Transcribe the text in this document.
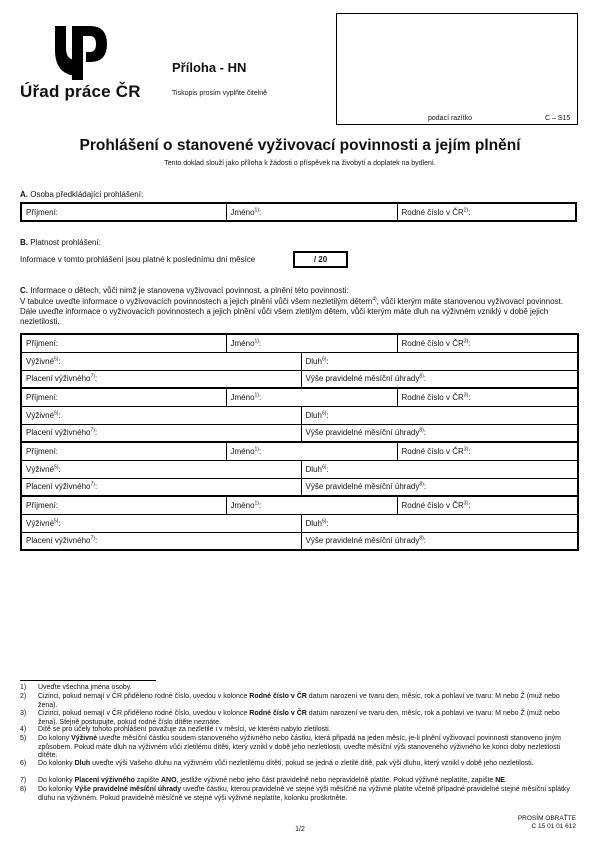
Úřad práce ČR
Příloha - HN
Tiskopis prosím vyplňte čitelně
podací razítko	C – S15
Prohlášení o stanovené vyživovací povinnosti a jejím plnění
Tento doklad slouží jako příloha k žádosti o příspěvek na živobytí a doplatek na bydlení.
A. Osoba předkládající prohlášení:
Příjmení:	Jméno$^{1)}$:	Rodné číslo v ČR$^{2)}$:
B. Platnost prohlášení:
Informace v tomto prohlášení jsou platné k poslednímu dni měsíce	/ 20
C. Informace o dětech, vůči nimž je stanovena vyživovací povinnost, a plnění této povinnosti:
V tabulce uveďte informace o vyživovacích povinnostech a jejich plnění vůči všem nezletilým dětem$^{4)}$, vůči kterým máte stanovenou vyživovací povinnost. Dále uveďte informace o vyživovacích povinnostech a jejich plnění vůči všem zletilým dětem, vůči kterým máte dluh na výživném vzniklý v době jejich nezletilosti.
Příjmení:	Jméno$^{1)}$:		Rodné číslo v ČR$^{3)}$:
Výživné$^{5)}$:		Dluh$^{6)}$:	
Placení výživného$^{7)}$:		Výše pravidelné měsíční úhrady$^{8)}$:	
Příjmení:	Jméno$^{1)}$:		Rodné číslo v ČR$^{3)}$:
Výživné$^{5)}$:		Dluh$^{6)}$:	
Placení výživného$^{7)}$:		Výše pravidelné měsíční úhrady$^{8)}$:	
Příjmení:	Jméno$^{1)}$:		Rodné číslo v ČR$^{3)}$:
Výživné$^{5)}$:		Dluh$^{6)}$:	
Placení výživného$^{7)}$:		Výše pravidelné měsíční úhrady$^{8)}$:	
Příjmení:	Jméno$^{1)}$:		Rodné číslo v ČR$^{3)}$:
Výživné$^{5)}$:		Dluh$^{6)}$:	
Placení výživného$^{7)}$:		Výše pravidelné měsíční úhrady$^{8)}$:	
1) Uveďte všechna jména osoby.
2) Cizinci, pokud nemají v ČR přiděleno rodné číslo, uvedou v kolonce Rodné číslo v ČR datum narození ve tvaru den, měsíc, rok a pohlaví ve tvaru: M nebo Ž (muž nebo žena).
3) Cizinci, pokud nemají v ČR přiděleno rodné číslo, uvedou v kolonce Rodné číslo v ČR datum narození ve tvaru den, měsíc, rok a pohlaví ve tvaru: M nebo Ž (muž nebo žena). Stejně postupujte, pokud rodné číslo dítěte neznáte.
4) Dítě se pro účely tohoto prohlášení považuje za nezletilé i v měsíci, ve kterém nabylo zletilosti.
5) Do kolony Výživné uveďte měsíční částku soudem stanoveného výživného nebo částku, která připadá na jeden měsíc, je-li plnění vyživovací povinnosti stanoveno jiným způsobem. Pokud máte dluh na výživném vůči zletilému dítěti, který vznikl v době jeho nezletilosti, uveďte měsíční výši stanoveného výživného ke konci doby nezletilosti dítěte.
6) Do kolonky Dluh uveďte výši Vašeho dluhu na výživném vůči nezletilému dítěti, pokud se jedná o zletilé dítě, pak výši dluhu, který vznikl v době jeho nezletilosti.
7) Do kolonky Placení výživného zapište ANO, jestliže výživné nebo jeho část pravidelně nebo nepravidelně platíte. Pokud výživné neplatíte, zapište NE.
8) Do kolonky Výše pravidelné měsíční úhrady uveďte částku, kterou pravidelně ve stejné výši měsíčně na výživné platíte včetně případné pravidelné stejné měsíční splátky dluhu na výživném. Pokud pravidelně měsíčně ve stejné výši výživné neplatíte, kolonku proškrtněte.
PROSÍM OBRAŤTE
C 15 01 01 612
1/2
